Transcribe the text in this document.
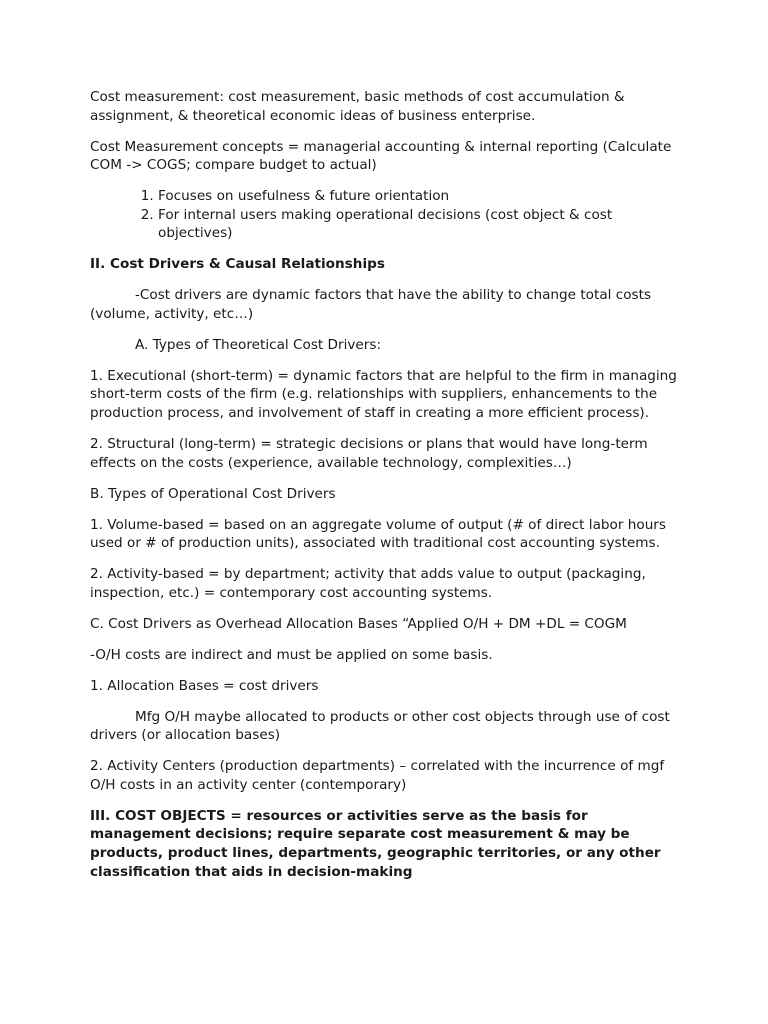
Cost measurement: cost measurement, basic methods of cost accumulation & assignment, & theoretical economic ideas of business enterprise.

Cost Measurement concepts = managerial accounting & internal reporting (Calculate COM -> COGS; compare budget to actual)

1. Focuses on usefulness & future orientation
2. For internal users making operational decisions (cost object & cost objectives)

II. Cost Drivers & Causal Relationships

-Cost drivers are dynamic factors that have the ability to change total costs (volume, activity, etc…)

A. Types of Theoretical Cost Drivers:

1. Executional (short-term) = dynamic factors that are helpful to the firm in managing short-term costs of the firm (e.g. relationships with suppliers, enhancements to the production process, and involvement of staff in creating a more efficient process).

2. Structural (long-term) = strategic decisions or plans that would have long-term effects on the costs (experience, available technology, complexities…)

B. Types of Operational Cost Drivers

1. Volume-based = based on an aggregate volume of output (# of direct labor hours used or # of production units), associated with traditional cost accounting systems.

2. Activity-based = by department; activity that adds value to output (packaging, inspection, etc.) = contemporary cost accounting systems.

C. Cost Drivers as Overhead Allocation Bases “Applied O/H + DM +DL = COGM

-O/H costs are indirect and must be applied on some basis.

1. Allocation Bases = cost drivers

Mfg O/H maybe allocated to products or other cost objects through use of cost drivers (or allocation bases)

2. Activity Centers (production departments) – correlated with the incurrence of mgf O/H costs in an activity center (contemporary)

III. COST OBJECTS = resources or activities serve as the basis for management decisions; require separate cost measurement & may be products, product lines, departments, geographic territories, or any other classification that aids in decision-making
